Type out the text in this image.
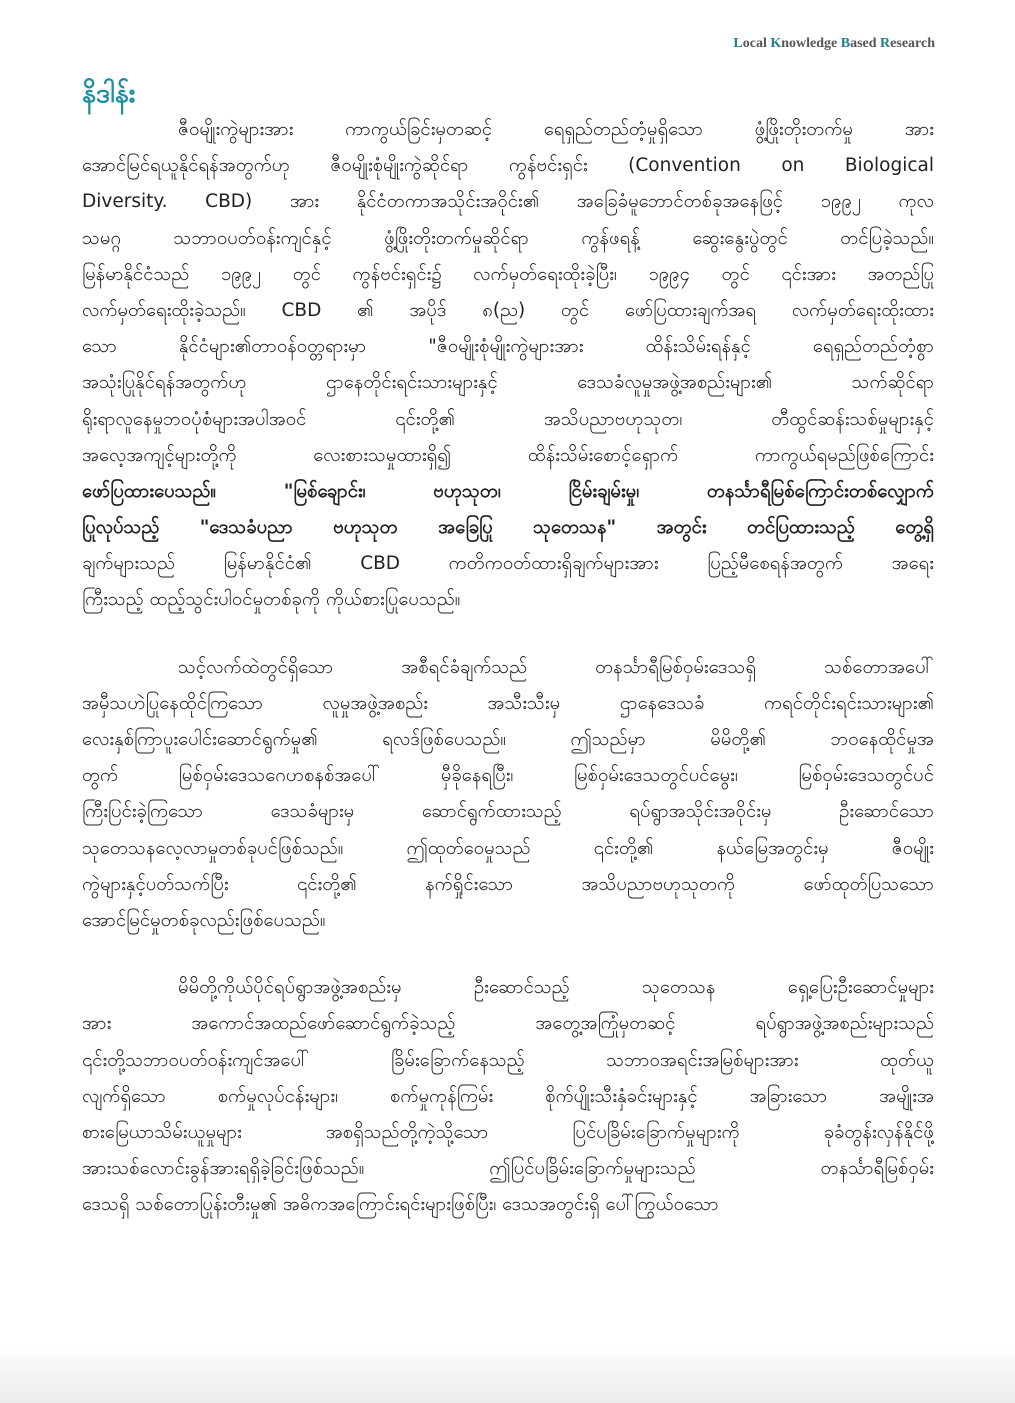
Local Knowledge Based Research
နိဒါန်း
ဇီဝမျိုးကွဲများအား ကာကွယ်ခြင်းမှတဆင့် ရေရှည်တည်တံ့မှုရှိသော ဖွံ့ဖြိုးတိုးတက်မှု အား
အောင်မြင်ရယူနိုင်ရန်အတွက်ဟု ဇီဝမျိုးစုံမျိုးကွဲဆိုင်ရာ ကွန်ဗင်းရှင်း (Convention on Biological
Diversity. CBD) အား နိုင်ငံတကာအသိုင်းအဝိုင်း၏ အခြေခံမူဘောင်တစ်ခုအနေဖြင့် ၁၉၉၂ ကုလ
သမဂ္ဂ သဘာဝပတ်ဝန်းကျင်နှင့် ဖွံ့ဖြိုးတိုးတက်မှုဆိုင်ရာ ကွန်ဖရန့် ဆွေးနွေးပွဲတွင် တင်ပြခဲ့သည်။
မြန်မာနိုင်ငံသည် ၁၉၉၂ တွင် ကွန်ဗင်းရှင်း၌ လက်မှတ်ရေးထိုးခဲ့ပြီး၊ ၁၉၉၄ တွင် ၎င်းအား အတည်ပြု
လက်မှတ်ရေးထိုးခဲ့သည်။ CBD ၏ အပိုဒ် ၈(ည) တွင် ဖော်ပြထားချက်အရ လက်မှတ်ရေးထိုးထား
သော နိုင်ငံများ၏တာဝန်ဝတ္တရားမှာ "ဇီဝမျိုးစုံမျိုးကွဲများအား ထိန်းသိမ်းရန်နှင့် ရေရှည်တည်တံ့စွာ
အသုံးပြုနိုင်ရန်အတွက်ဟု ဌာနေတိုင်းရင်းသားများနှင့် ဒေသခံလူမှုအဖွဲ့အစည်းများ၏ သက်ဆိုင်ရာ
ရိုးရာလူနေမှုဘဝပုံစံများအပါအဝင် ၎င်းတို့၏ အသိပညာဗဟုသုတ၊ တီထွင်ဆန်းသစ်မှုများနှင့်
အလေ့အကျင့်များတို့ကို လေးစားသမှုထားရှိ၍ ထိန်းသိမ်းစောင့်ရှောက် ကာကွယ်ရမည်ဖြစ်ကြောင်း
ဖော်ပြထားပေသည်။ "မြစ်ချောင်း၊ ဗဟုသုတ၊ ငြိမ်းချမ်းမှု၊ တနင်္သာရီမြစ်ကြောင်းတစ်လျှောက်
ပြုလုပ်သည့် "ဒေသခံပညာ ဗဟုသုတ အခြေပြု သုတေသန" အတွင်း တင်ပြထားသည့် တွေ့ရှိ
ချက်များသည် မြန်မာနိုင်ငံ၏ CBD ကတိကဝတ်ထားရှိချက်များအား ပြည့်မီစေရန်အတွက် အရေး
ကြီးသည့် ထည့်သွင်းပါဝင်မှုတစ်ခုကို ကိုယ်စားပြုပေသည်။
သင့်လက်ထဲတွင်ရှိသော အစီရင်ခံချက်သည် တနင်္သာရီမြစ်ဝှမ်းဒေသရှိ သစ်တောအပေါ်
အမှီသဟဲပြုနေထိုင်ကြသော လူမှုအဖွဲ့အစည်း အသီးသီးမှ ဌာနေဒေသခံ ကရင်တိုင်းရင်းသားများ၏
လေးနှစ်ကြာပူးပေါင်းဆောင်ရွက်မှု၏ ရလဒ်ဖြစ်ပေသည်။ ဤသည်မှာ မိမိတို့၏ ဘဝနေထိုင်မှုအ
တွက် မြစ်ဝှမ်းဒေသဂေဟစနစ်အပေါ် မှီခိုနေရပြီး၊ မြစ်ဝှမ်းဒေသတွင်ပင်မွေး၊ မြစ်ဝှမ်းဒေသတွင်ပင်
ကြီးပြင်းခဲ့ကြသော ဒေသခံများမှ ဆောင်ရွက်ထားသည့် ရပ်ရွာအသိုင်းအဝိုင်းမှ ဦးဆောင်သော
သုတေသနလေ့လာမှုတစ်ခုပင်ဖြစ်သည်။ ဤထုတ်ဝေမှုသည် ၎င်းတို့၏ နယ်မြေအတွင်းမှ ဇီဝမျိုး
ကွဲများနှင့်ပတ်သက်ပြီး ၎င်းတို့၏ နက်ရှိုင်းသော အသိပညာဗဟုသုတကို ဖော်ထုတ်ပြသသော
အောင်မြင်မှုတစ်ခုလည်းဖြစ်ပေသည်။
မိမိတို့ကိုယ်ပိုင်ရပ်ရွာအဖွဲ့အစည်းမှ ဦးဆောင်သည့် သုတေသန ရှေ့ပြေးဦးဆောင်မှုများ
အား အကောင်အထည်ဖော်ဆောင်ရွက်ခဲ့သည့် အတွေ့အကြုံမှတဆင့် ရပ်ရွာအဖွဲ့အစည်းများသည်
၎င်းတို့သဘာဝပတ်ဝန်းကျင်အပေါ် ခြိမ်းခြောက်နေသည့် သဘာဝအရင်းအမြစ်များအား ထုတ်ယူ
လျက်ရှိသော စက်မှုလုပ်ငန်းများ၊ စက်မှုကုန်ကြမ်း စိုက်ပျိုးသီးနှံခင်းများနှင့် အခြားသော အမျိုးအ
စားမြေယာသိမ်းယူမှုများ အစရှိသည်တို့ကဲ့သို့သော ပြင်ပခြိမ်းခြောက်မှုများကို ခုခံတွန်းလှန်နိုင်ဖို့
အားသစ်လောင်းခွန်အားရရှိခဲ့ခြင်းဖြစ်သည်။ ဤပြင်ပခြိမ်းခြောက်မှုများသည် တနင်္သာရီမြစ်ဝှမ်း
ဒေသရှိ သစ်တောပြုန်းတီးမှု၏ အဓိကအကြောင်းရင်းများဖြစ်ပြီး၊ ဒေသအတွင်းရှိ ပေါ်ကြွယ်ဝသော
